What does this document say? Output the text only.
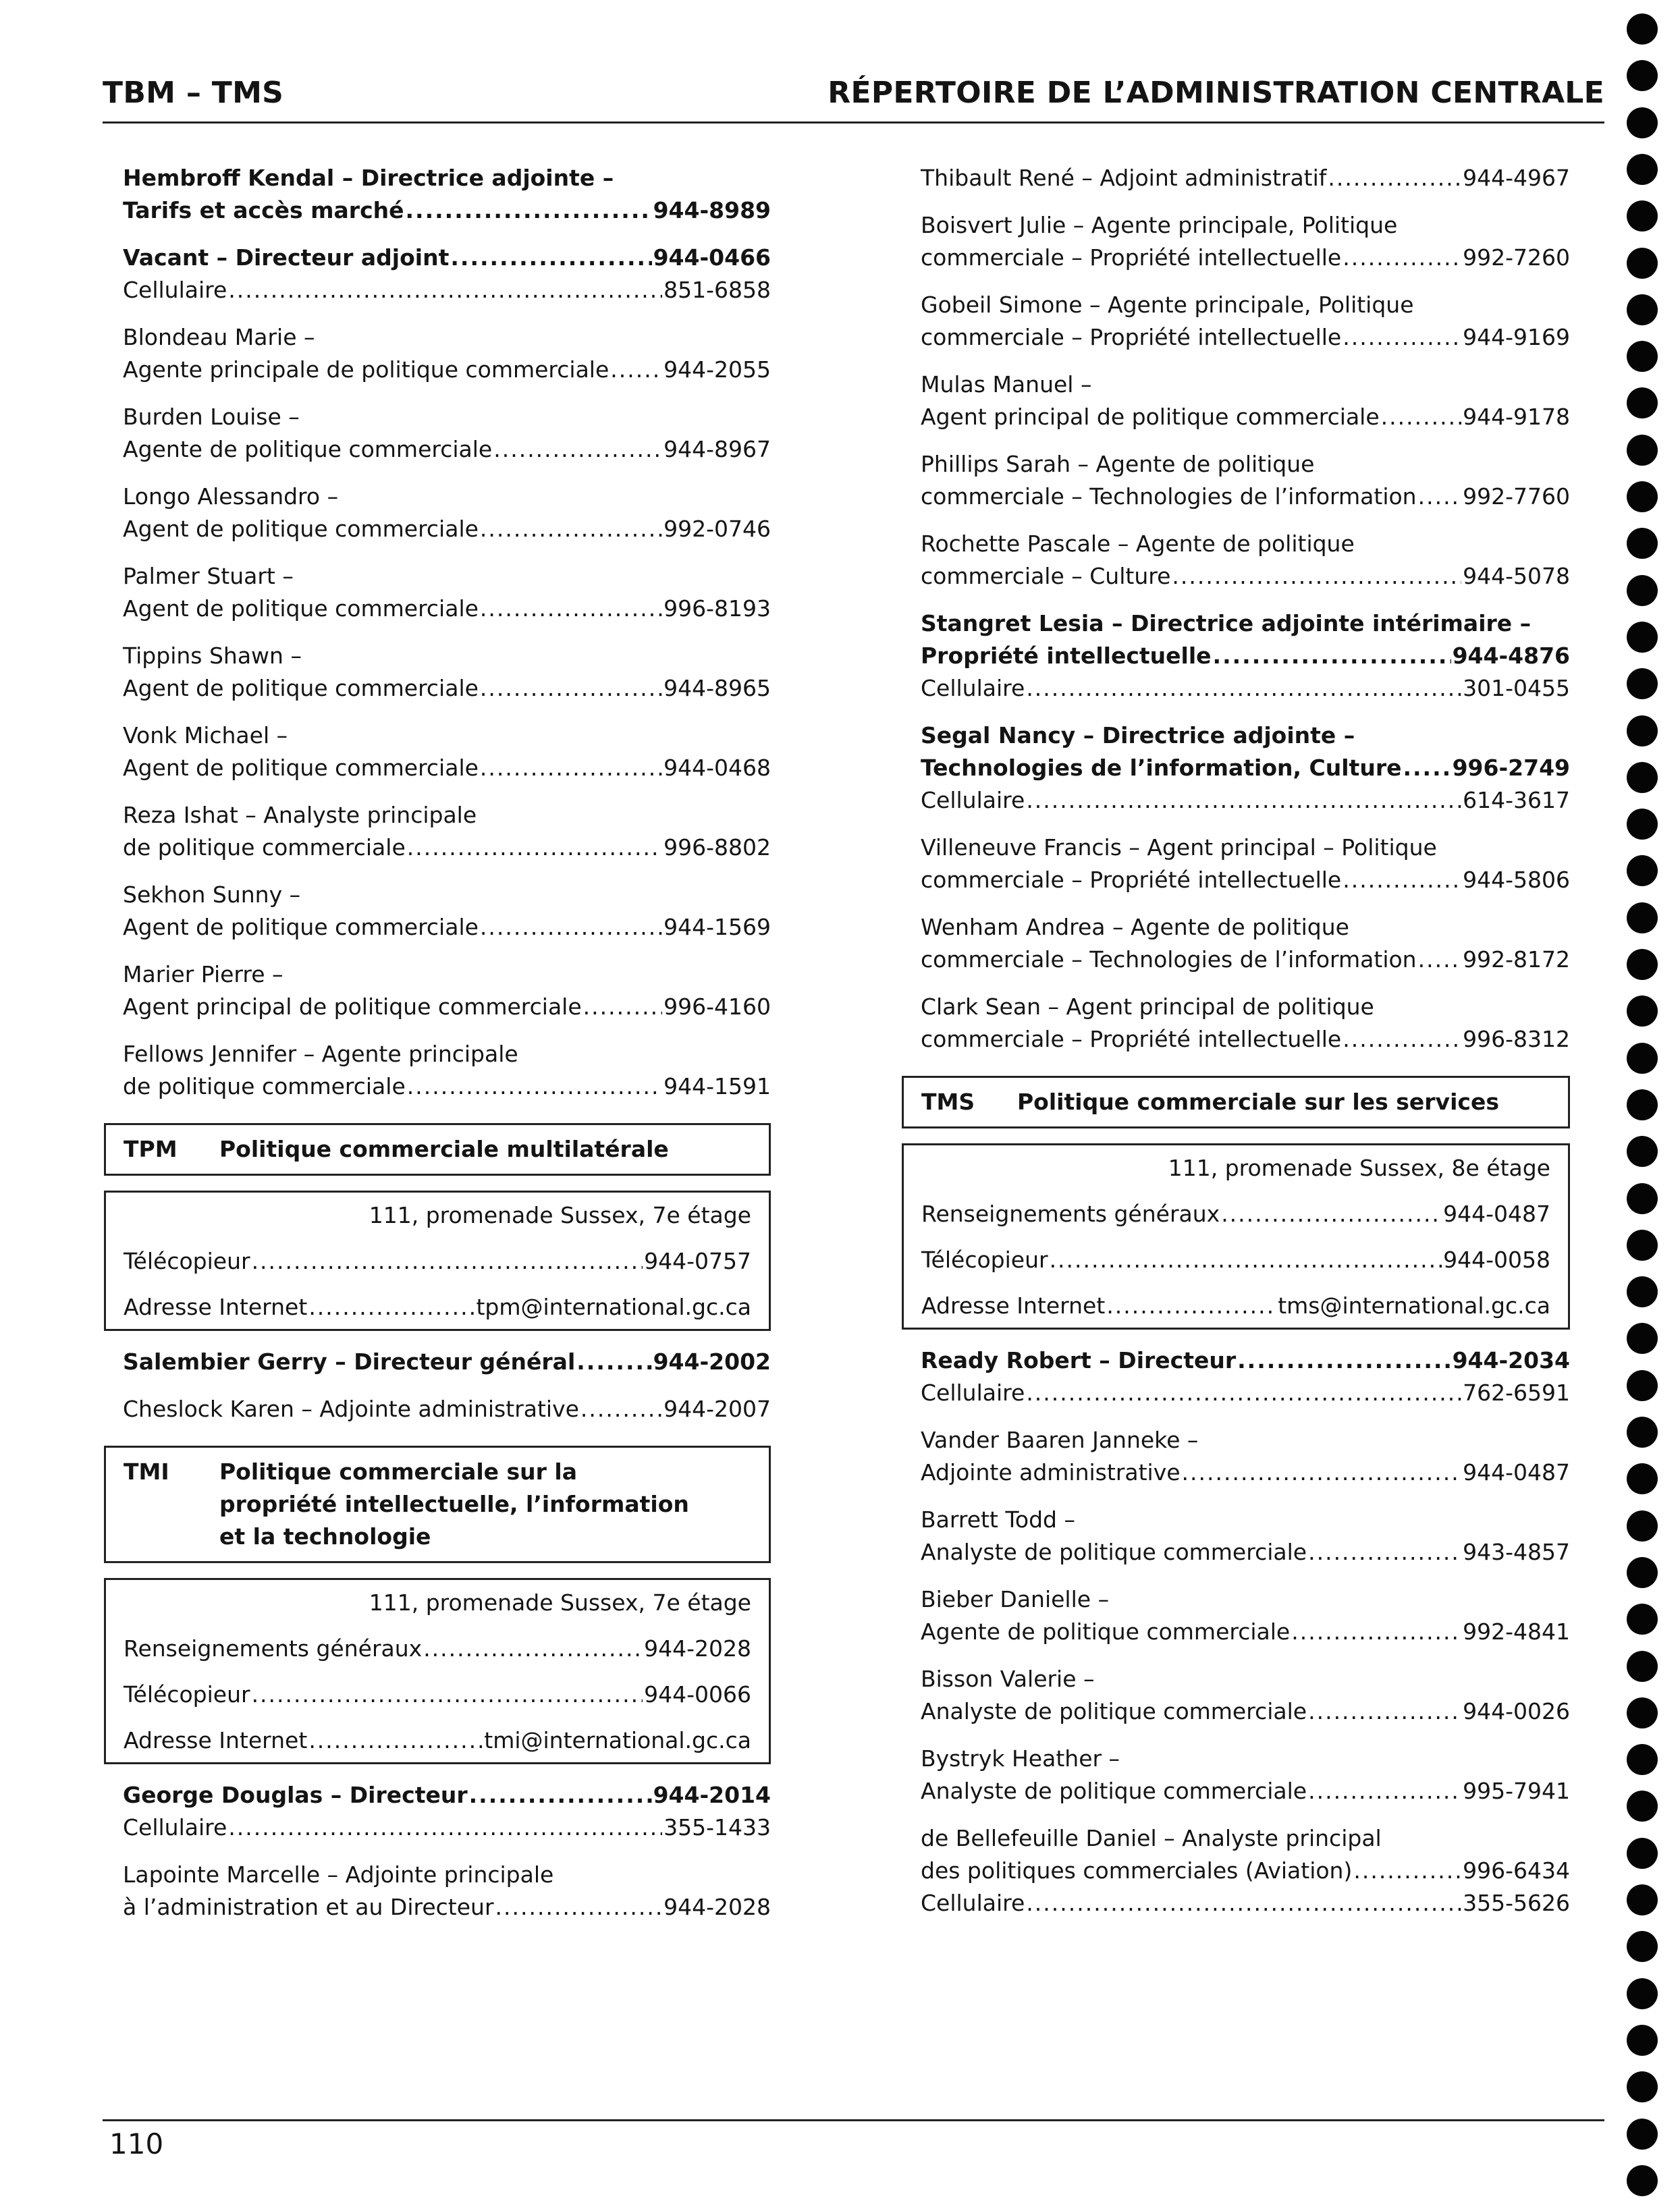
TBM – TMS	RÉPERTOIRE DE L’ADMINISTRATION CENTRALE
Hembroff Kendal – Directrice adjointe –
Tarifs et accès marché .....	944-8989
Vacant – Directeur adjoint .....	944-0466
Cellulaire .....	851-6858
Blondeau Marie –
Agente principale de politique commerciale ..... 944-2055
Burden Louise –
Agente de politique commerciale .....	944-8967
Longo Alessandro –
Agent de politique commerciale .....	992-0746
Palmer Stuart –
Agent de politique commerciale .....	996-8193
Tippins Shawn –
Agent de politique commerciale .....	944-8965
Vonk Michael –
Agent de politique commerciale .....	944-0468
Reza Ishat – Analyste principale
de politique commerciale .....	996-8802
Sekhon Sunny –
Agent de politique commerciale .....	944-1569
Marier Pierre –
Agent principal de politique commerciale .....	996-4160
Fellows Jennifer – Agente principale
de politique commerciale .....	944-1591
TPM	Politique commerciale multilatérale
111, promenade Sussex, 7e étage
Télécopieur .....	944-0757
Adresse Internet .....	tpm@international.gc.ca
Salembier Gerry – Directeur général .....	944-2002
Cheslock Karen – Adjointe administrative .....	944-2007
TMI	Politique commerciale sur la
propriété intellectuelle, l’information
et la technologie
111, promenade Sussex, 7e étage
Renseignements généraux .....	944-2028
Télécopieur .....	944-0066
Adresse Internet .....	tmi@international.gc.ca
George Douglas – Directeur .....	944-2014
Cellulaire .....	355-1433
Lapointe Marcelle – Adjointe principale
à l’administration et au Directeur .....	944-2028
Thibault René – Adjoint administratif .....	944-4967
Boisvert Julie – Agente principale, Politique
commerciale – Propriété intellectuelle .....	992-7260
Gobeil Simone – Agente principale, Politique
commerciale – Propriété intellectuelle .....	944-9169
Mulas Manuel –
Agent principal de politique commerciale .....	944-9178
Phillips Sarah – Agente de politique
commerciale – Technologies de l’information ..... 992-7760
Rochette Pascale – Agente de politique
commerciale – Culture .....	944-5078
Stangret Lesia – Directrice adjointe intérimaire –
Propriété intellectuelle .....	944-4876
Cellulaire .....	301-0455
Segal Nancy – Directrice adjointe –
Technologies de l’information, Culture ..... 996-2749
Cellulaire .....	614-3617
Villeneuve Francis – Agent principal – Politique
commerciale – Propriété intellectuelle .....	944-5806
Wenham Andrea – Agente de politique
commerciale – Technologies de l’information ..... 992-8172
Clark Sean – Agent principal de politique
commerciale – Propriété intellectuelle .....	996-8312
TMS	Politique commerciale sur les services
111, promenade Sussex, 8e étage
Renseignements généraux .....	944-0487
Télécopieur .....	944-0058
Adresse Internet .....	tms@international.gc.ca
Ready Robert – Directeur .....	944-2034
Cellulaire .....	762-6591
Vander Baaren Janneke –
Adjointe administrative .....	944-0487
Barrett Todd –
Analyste de politique commerciale .....	943-4857
Bieber Danielle –
Agente de politique commerciale .....	992-4841
Bisson Valerie –
Analyste de politique commerciale .....	944-0026
Bystryk Heather –
Analyste de politique commerciale .....	995-7941
de Bellefeuille Daniel – Analyste principal
des politiques commerciales (Aviation) .....	996-6434
Cellulaire .....	355-5626
110
